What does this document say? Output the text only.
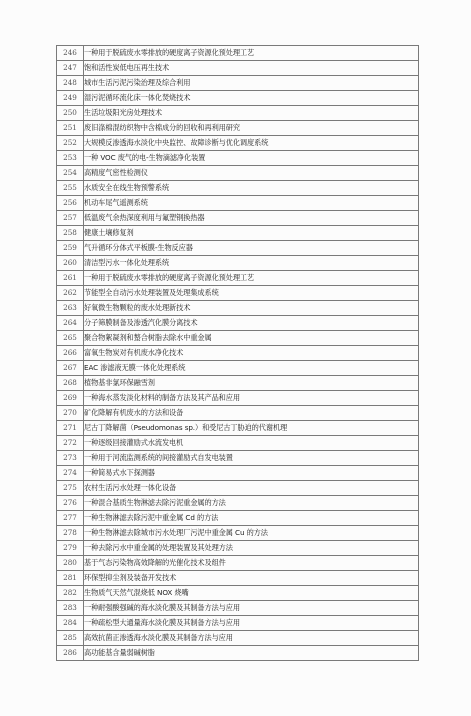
246	一种用于脱硫废水零排放的硬度离子资源化预处理工艺
247	饱和活性炭低电压再生技术
248	城市生活污泥污染治理及综合利用
249	湿污泥循环流化床一体化焚烧技术
250	生活垃圾阳光房处理技术
251	废旧涤棉混纺织物中含棉成分的回收和再利用研究
252	大规模反渗透海水淡化中央监控、故障诊断与优化调度系统
253	一种 VOC 废气的电-生物滴滤净化装置
254	高精度气密性检测仪
255	水质安全在线生物预警系统
256	机动车尾气遥测系统
257	低温废气余热深度利用与氟塑钢换热器
258	健康土壤修复剂
259	气升循环分体式平板膜-生物反应器
260	清洁型污水一体化处理系统
261	一种用于脱硫废水零排放的硬度离子资源化预处理工艺
262	节能型全自动污水处理装置及处理集成系统
263	好氧微生物颗粒的废水处理新技术
264	分子筛膜制备及渗透汽化膜分离技术
265	聚合物絮凝剂和螯合树脂去除水中重金属
266	富氧生物炭对有机废水净化技术
267	EAC 渗滤液无膜一体化处理系统
268	植物基非氯环保融雪剂
269	一种海水蒸发淡化材料的制备方法及其产品和应用
270	矿化降解有机废水的方法和设备
271	尼古丁降解菌（Pseudomonas sp.）和受尼古丁胁迫的代谢机理
272	一种逐级回接灌励式水流发电机
273	一种用于河流监测系统的间接灌励式自发电装置
274	一种简易式水下探测器
275	农村生活污水处理一体化设备
276	一种混合基质生物淋滤去除污泥重金属的方法
277	一种生物淋滤去除污泥中重金属 Cd 的方法
278	一种生物淋滤去除城市污水处理厂污泥中重金属 Cu 的方法
279	一种去除污水中重金属的处理装置及其处理方法
280	基于气态污染物高效降解的光催化技术及组件
281	环保型抑尘剂及装备开发技术
282	生物质气天然气混烧低 NOX 烧嘴
283	一种耐强酸强碱的海水淡化膜及其制备方法与应用
284	一种疏松型大通量海水淡化膜及其制备方法与应用
285	高效抗菌正渗透海水淡化膜及其制备方法与应用
286	高功能基含量弱碱树脂
